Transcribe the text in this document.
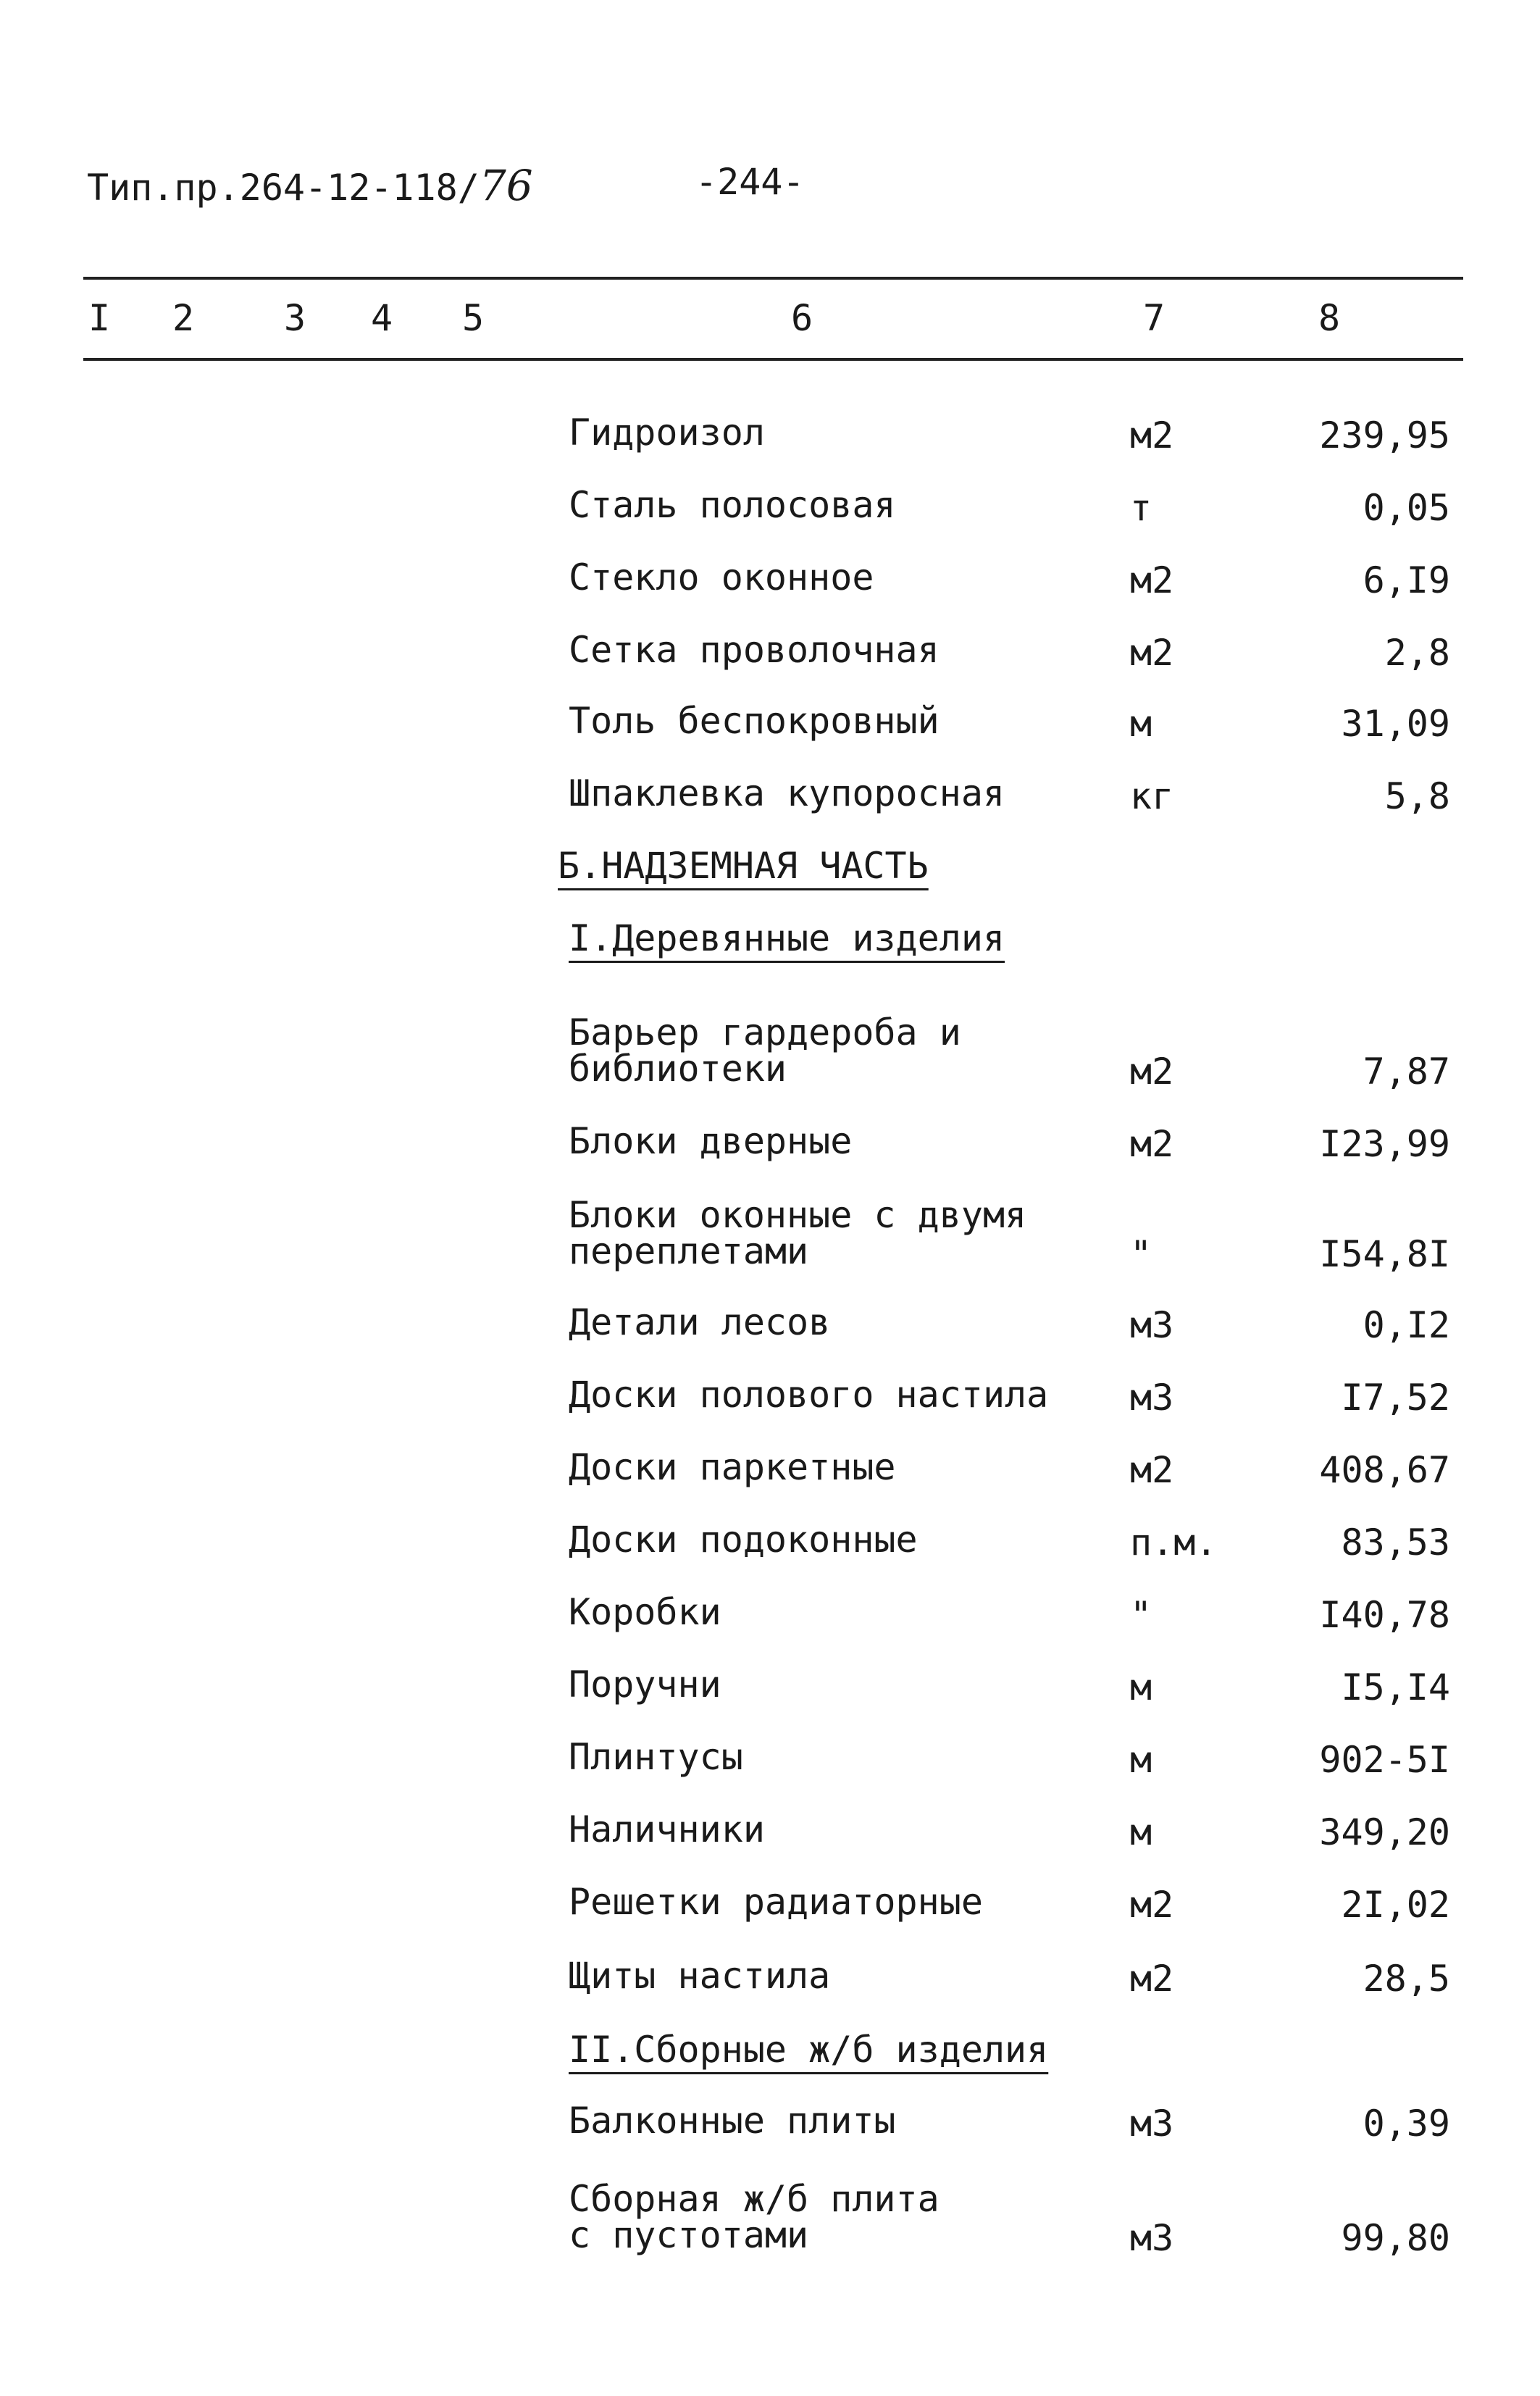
Тип.пр.264-12-118/76	-244-
I 2 3 4 5	6	7	8
Гидроизол	м2	239,95
Сталь полосовая	т	0,05
Стекло оконное	м2	6,I9
Сетка проволочная	м2	2,8
Толь беспокровный	м	31,09
Шпаклевка купоросная	кг	5,8
Б.НАДЗЕМНАЯ ЧАСТЬ
I.Деревянные изделия
Барьер гардероба и
библиотеки	м2	7,87
Блоки дверные	м2	I23,99
Блоки оконные с двумя
переплетами	"	I54,8I
Детали лесов	м3	0,I2
Доски полового настила м3	I7,52
Доски паркетные	м2	408,67
Доски подоконные	п.м.	83,53
Коробки	"	I40,78
Поручни	м	I5,I4
Плинтусы	м	902-5I
Наличники	м	349,20
Решетки радиаторные	м2	2I,02
Щиты настила	м2	28,5
II.Сборные ж/б изделия
Балконные плиты	м3	0,39
Сборная ж/б плита
с пустотами	м3	99,80
